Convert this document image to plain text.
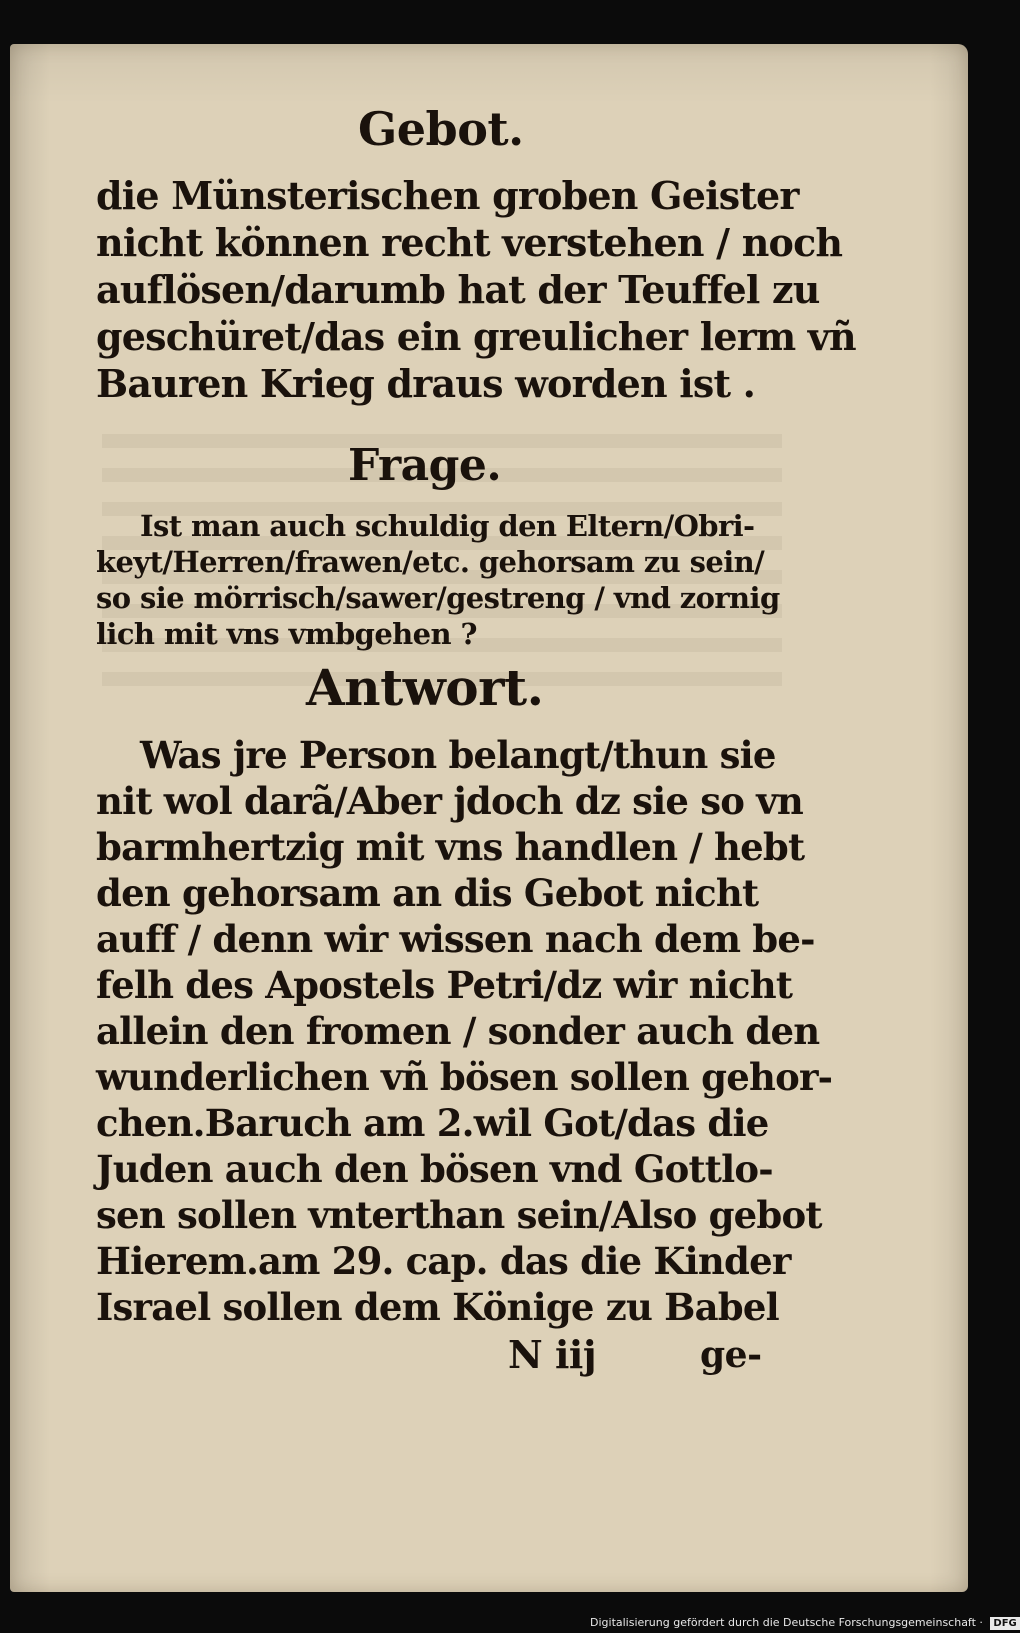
Gebot.
die Münsterischen groben Geister
nicht können recht verstehen / noch
auflösen/darumb hat der Teuffel zu
geschüret/das ein greulicher lerm vñ
Bauren Krieg draus worden ist .
Frage.
Ist man auch schuldig den Eltern/Obri-
keyt/Herren/frawen/etc. gehorsam zu sein/
so sie mörrisch/sawer/gestreng / vnd zornig
lich mit vns vmbgehen ?
Antwort.
Was jre Person belangt/thun sie
nit wol darã/Aber jdoch dz sie so vn
barmhertzig mit vns handlen / hebt
den gehorsam an dis Gebot nicht
auff / denn wir wissen nach dem be-
felh des Apostels Petri/dz wir nicht
allein den fromen / sonder auch den
wunderlichen vñ bösen sollen gehor-
chen.Baruch am 2.wil Got/das die
Juden auch den bösen vnd Gottlo-
sen sollen vnterthan sein/Also gebot
Hierem.am 29. cap. das die Kinder
Israel sollen dem Könige zu Babel
N iij	ge-
Digitalisierung gefördert durch die Deutsche Forschungsgemeinschaft · DFG
